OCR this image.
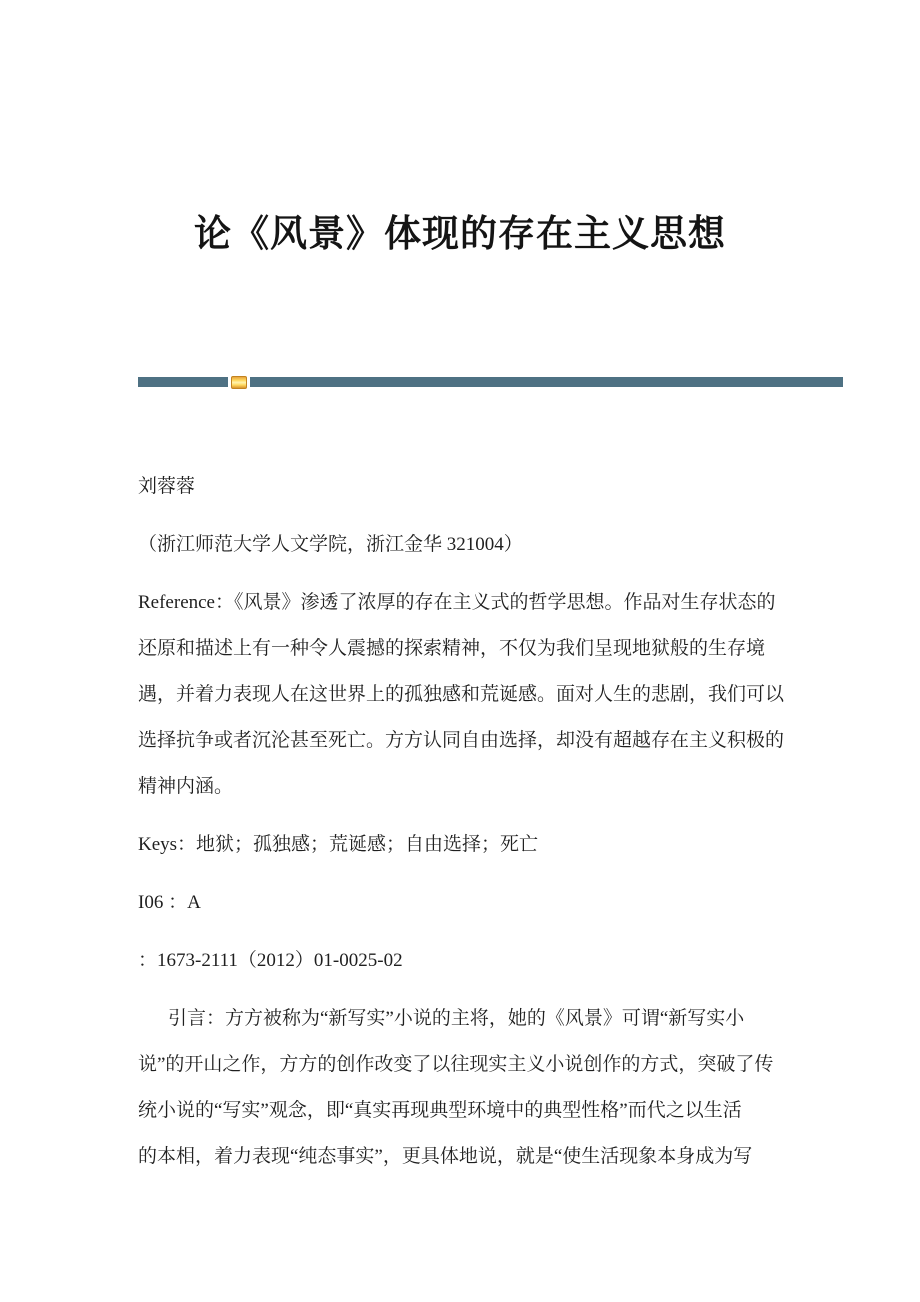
论《风景》体现的存在主义思想

刘蓉蓉

（浙江师范大学人文学院，浙江金华 321004）

Reference：《风景》渗透了浓厚的存在主义式的哲学思想。作品对生存状态的
还原和描述上有一种令人震撼的探索精神，不仅为我们呈现地狱般的生存境
遇，并着力表现人在这世界上的孤独感和荒诞感。面对人生的悲剧，我们可以
选择抗争或者沉沦甚至死亡。方方认同自由选择，却没有超越存在主义积极的
精神内涵。

Keys：地狱；孤独感；荒诞感；自由选择；死亡

I06 ：A

：1673-2111（2012）01-0025-02

引言：方方被称为“新写实”小说的主将，她的《风景》可谓“新写实小
说”的开山之作，方方的创作改变了以往现实主义小说创作的方式，突破了传
统小说的“写实”观念，即“真实再现典型环境中的典型性格”而代之以生活
的本相，着力表现“纯态事实”，更具体地说，就是“使生活现象本身成为写
